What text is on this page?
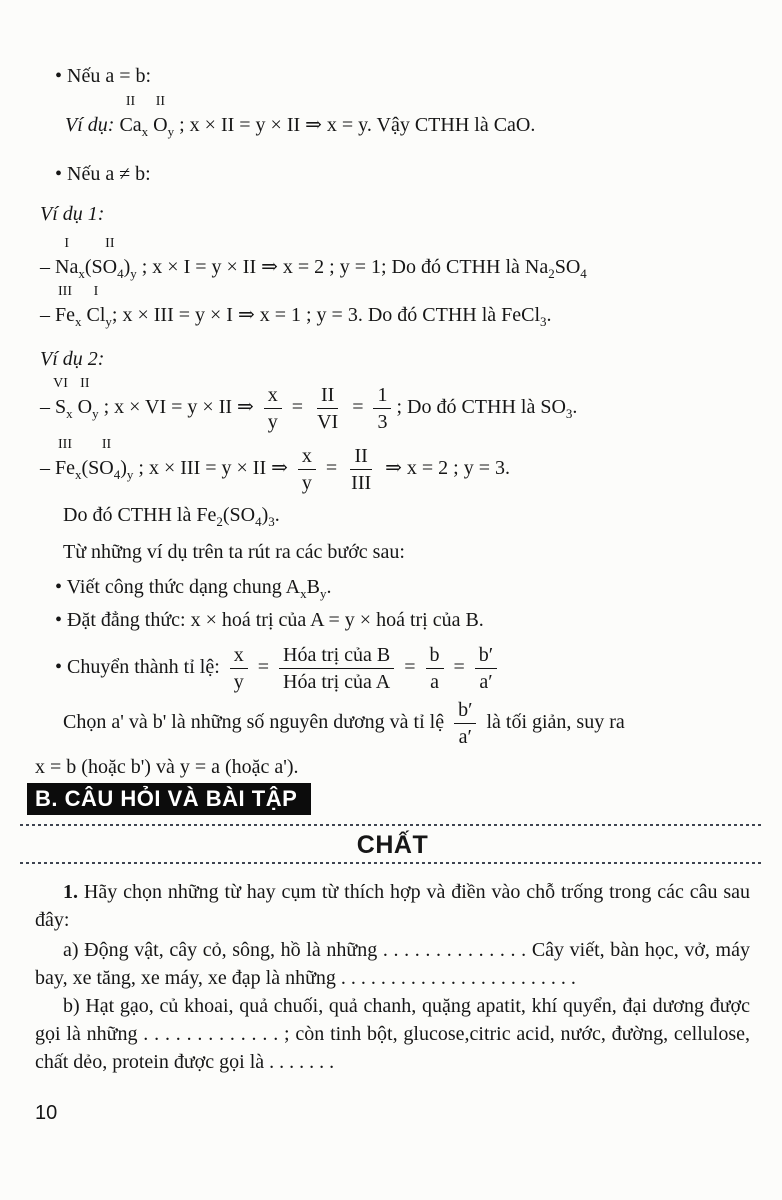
• Nếu a = b:
Ví dụ:
II
$Ca_x$
II
$O_y$ ; x × II = y × II ⇒ x = y. Vậy CTHH là CaO.
• Nếu a ≠ b:
Ví dụ 1:
–
I
$Na_x(S$
II
$O_4)_y$ ; x × I = y × II ⇒ x = 2 ; y = 1; Do đó CTHH là $Na_2SO_4$
–
III
$Fe_x$
I
$Cl_y$; x × III = y × I ⇒ x = 1 ; y = 3. Do đó CTHH là FeCl$_3$.
Ví dụ 2:
–
VI
$S_x$
II
$O_y$ ; x × VI = y × II ⇒ $\frac{x}{y} = \frac{II}{VI} = \frac{1}{3}$ ; Do đó CTHH là $SO_3$.
–
III
$Fe_x(S$
II
$O_4)_y$ ; x × III = y × II ⇒ $\frac{x}{y} = \frac{II}{\text{III}}$ ⇒ x = 2 ; y = 3.
Do đó CTHH là $Fe_2(SO_4)_3$.
Từ những ví dụ trên ta rút ra các bước sau:
• Viết công thức dạng chung $A_xB_y$.
• Đặt đẳng thức: x × hoá trị của A = y × hoá trị của B.
• Chuyển thành tỉ lệ: $\frac{x}{y} = \frac{\text{Hóa trị của B}}{\text{Hóa trị của A}} = \frac{b}{a} = \frac{b'}{a'}$
Chọn a' và b' là những số nguyên dương và tỉ lệ $\frac{b'}{a'}$ là tối giản, suy ra
x = b (hoặc b') và y = a (hoặc a').
B. CÂU HỎI VÀ BÀI TẬP
CHẤT
1. Hãy chọn những từ hay cụm từ thích hợp và điền vào chỗ trống trong các câu sau đây:
a) Động vật, cây cỏ, sông, hồ là những . . . . . . . . . . . . . . Cây viết, bàn học, vở, máy bay, xe tăng, xe máy, xe đạp là những . . . . . . . . . . . . . . . . . . . . . . . .
b) Hạt gạo, củ khoai, quả chuối, quả chanh, quặng apatit, khí quyển, đại dương được gọi là những . . . . . . . . . . . . . ; còn tinh bột, glucose,citric acid, nước, đường, cellulose, chất dẻo, protein được gọi là . . . . . . .
10
